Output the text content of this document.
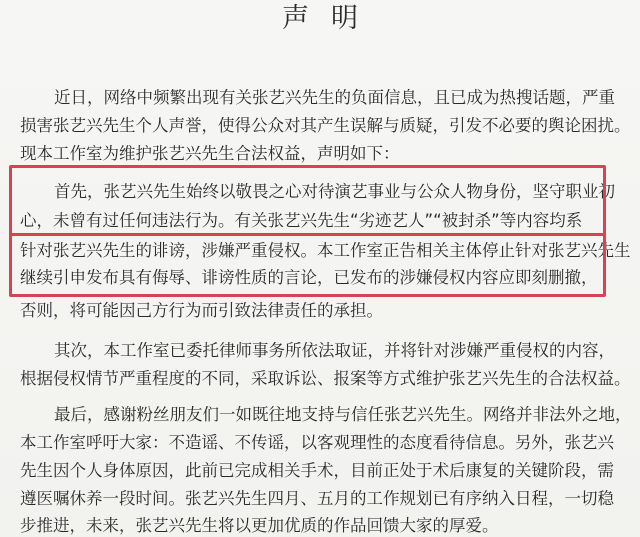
声明
近日，网络中频繁出现有关张艺兴先生的负面信息，且已成为热搜话题，严重
损害张艺兴先生个人声誉，使得公众对其产生误解与质疑，引发不必要的舆论困扰。
现本工作室为维护张艺兴先生合法权益，声明如下：
首先，张艺兴先生始终以敬畏之心对待演艺事业与公众人物身份，坚守职业初
心，未曾有过任何违法行为。有关张艺兴先生“劣迹艺人”“被封杀”等内容均系
针对张艺兴先生的诽谤，涉嫌严重侵权。本工作室正告相关主体停止针对张艺兴先生
继续引申发布具有侮辱、诽谤性质的言论，已发布的涉嫌侵权内容应即刻删撤，
否则，将可能因己方行为而引致法律责任的承担。
其次，本工作室已委托律师事务所依法取证，并将针对涉嫌严重侵权的内容，
根据侵权情节严重程度的不同，采取诉讼、报案等方式维护张艺兴先生的合法权益。
最后，感谢粉丝朋友们一如既往地支持与信任张艺兴先生。网络并非法外之地，
本工作室呼吁大家：不造谣、不传谣，以客观理性的态度看待信息。另外，张艺兴
先生因个人身体原因，此前已完成相关手术，目前正处于术后康复的关键阶段，需
遵医嘱休养一段时间。张艺兴先生四月、五月的工作规划已有序纳入日程，一切稳
步推进，未来，张艺兴先生将以更加优质的作品回馈大家的厚爱。
